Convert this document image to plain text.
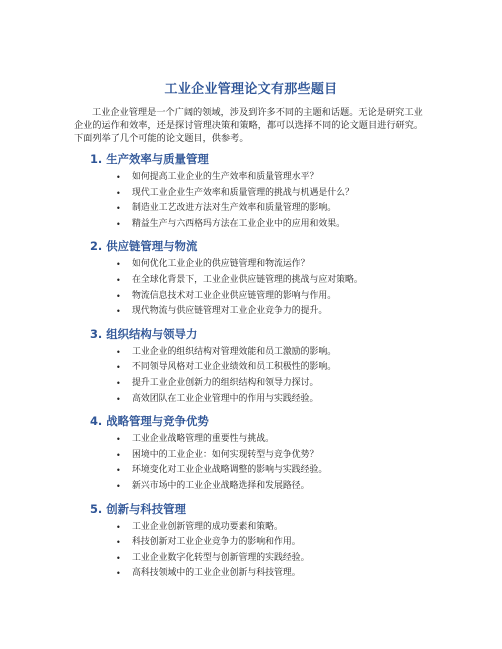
工业企业管理论文有那些题目

工业企业管理是一个广阔的领域，涉及到许多不同的主题和话题。无论是研究工业企业的运作和效率，还是探讨管理决策和策略，都可以选择不同的论文题目进行研究。下面列举了几个可能的论文题目，供参考。

1. 生产效率与质量管理
• 如何提高工业企业的生产效率和质量管理水平？
• 现代工业企业生产效率和质量管理的挑战与机遇是什么？
• 制造业工艺改进方法对生产效率和质量管理的影响。
• 精益生产与六西格玛方法在工业企业中的应用和效果。
2. 供应链管理与物流
• 如何优化工业企业的供应链管理和物流运作？
• 在全球化背景下，工业企业供应链管理的挑战与应对策略。
• 物流信息技术对工业企业供应链管理的影响与作用。
• 现代物流与供应链管理对工业企业竞争力的提升。
3. 组织结构与领导力
• 工业企业的组织结构对管理效能和员工激励的影响。
• 不同领导风格对工业企业绩效和员工积极性的影响。
• 提升工业企业创新力的组织结构和领导力探讨。
• 高效团队在工业企业管理中的作用与实践经验。
4. 战略管理与竞争优势
• 工业企业战略管理的重要性与挑战。
• 困境中的工业企业：如何实现转型与竞争优势？
• 环境变化对工业企业战略调整的影响与实践经验。
• 新兴市场中的工业企业战略选择和发展路径。
5. 创新与科技管理
• 工业企业创新管理的成功要素和策略。
• 科技创新对工业企业竞争力的影响和作用。
• 工业企业数字化转型与创新管理的实践经验。
• 高科技领域中的工业企业创新与科技管理。
